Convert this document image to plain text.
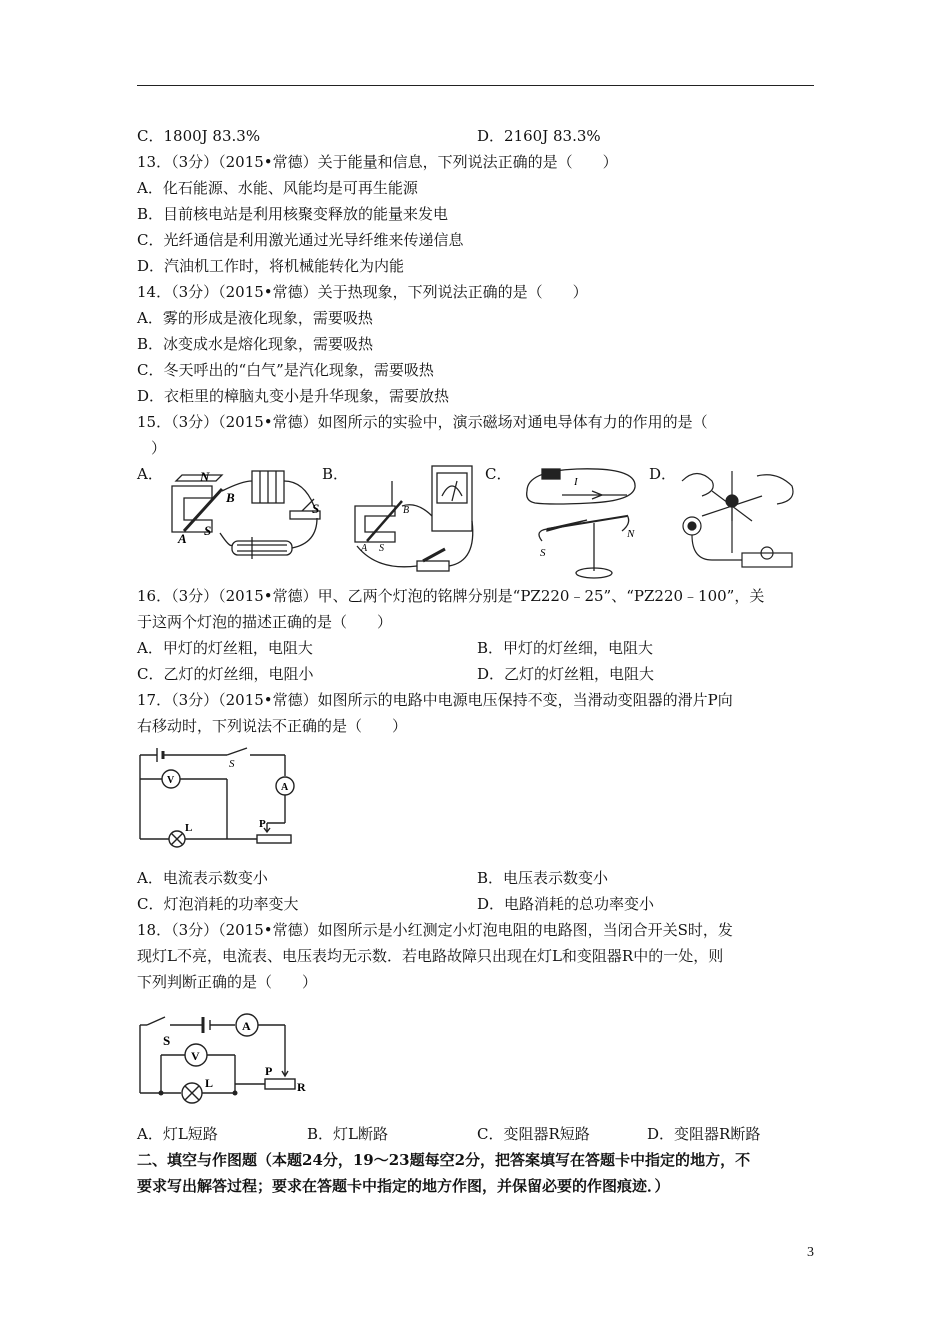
C．1800J 83.3%	D．2160J 83.3%
13．（3分）（2015•常德）关于能量和信息，下列说法正确的是（　　）
A．化石能源、水能、风能均是可再生能源
B．目前核电站是利用核聚变释放的能量来发电
C．光纤通信是利用激光通过光导纤维来传递信息
D．汽油机工作时，将机械能转化为内能
14．（3分）（2015•常德）关于热现象，下列说法正确的是（　　）
A．雾的形成是液化现象，需要吸热
B．冰变成水是熔化现象，需要吸热
C．冬天呼出的“白气”是汽化现象，需要吸热
D．衣柜里的樟脑丸变小是升华现象，需要放热
15．（3分）（2015•常德）如图所示的实验中，演示磁场对通电导体有力的作用的是（
）
A．	B．	C．	D．
N
B
A
S
S
A S
B
I
S
N
16．（3分）（2015•常德）甲、乙两个灯泡的铭牌分别是“PZ220﹣25”、“PZ220﹣100”，关
于这两个灯泡的描述正确的是（　　）
A．甲灯的灯丝粗，电阻大	B．甲灯的灯丝细，电阻大
C．乙灯的灯丝细，电阻小	D．乙灯的灯丝粗，电阻大
17．（3分）（2015•常德）如图所示的电路中电源电压保持不变，当滑动变阻器的滑片P向
右移动时，下列说法不正确的是（　　）
S
A
V
L	P
A．电流表示数变小	B．电压表示数变小
C．灯泡消耗的功率变大	D．电路消耗的总功率变小
18．（3分）（2015•常德）如图所示是小红测定小灯泡电阻的电路图，当闭合开关S时，发
现灯L不亮，电流表、电压表均无示数．若电路故障只出现在灯L和变阻器R中的一处，则
下列判断正确的是（　　）
S
A
V
L
P
R
A．灯L短路	B．灯L断路	C．变阻器R短路	D．变阻器R断路
二、填空与作图题（本题24分，19～23题每空2分，把答案填写在答题卡中指定的地方，不
要求写出解答过程；要求在答题卡中指定的地方作图，并保留必要的作图痕迹．）
3
